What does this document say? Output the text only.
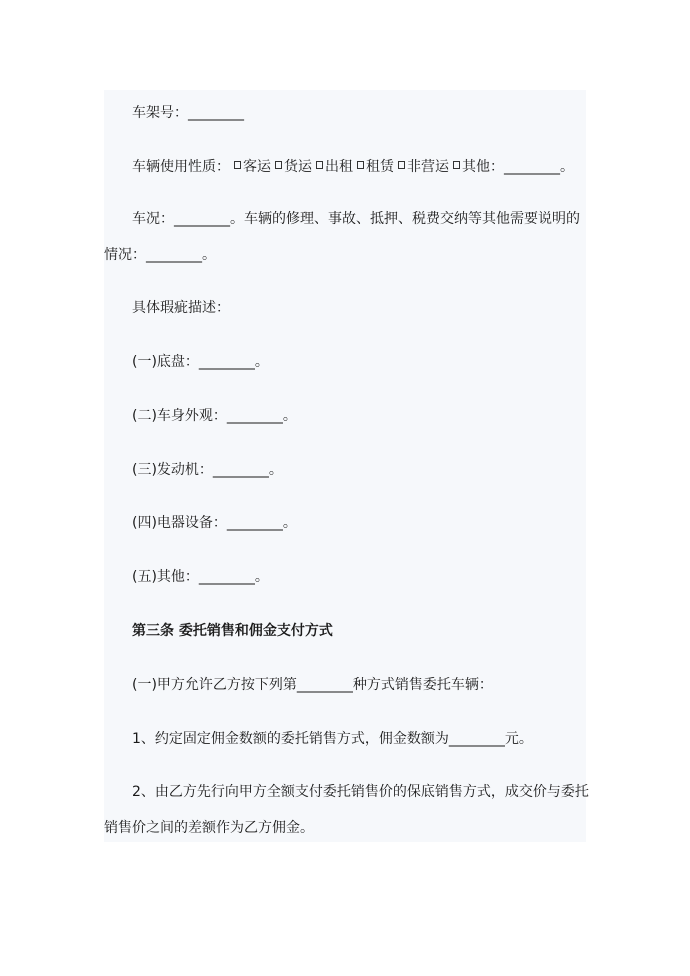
车架号：________
车辆使用性质： 客运 货运 出租 租赁 非营运 其他：________。
车况：________。车辆的修理、事故、抵押、税费交纳等其他需要说明的
情况：________。
具体瑕疵描述：
(一)底盘：________。
(二)车身外观：________。
(三)发动机：________。
(四)电器设备：________。
(五)其他：________。
第三条 委托销售和佣金支付方式
(一)甲方允许乙方按下列第________种方式销售委托车辆：
1、约定固定佣金数额的委托销售方式，佣金数额为________元。
2、由乙方先行向甲方全额支付委托销售价的保底销售方式，成交价与委托
销售价之间的差额作为乙方佣金。
